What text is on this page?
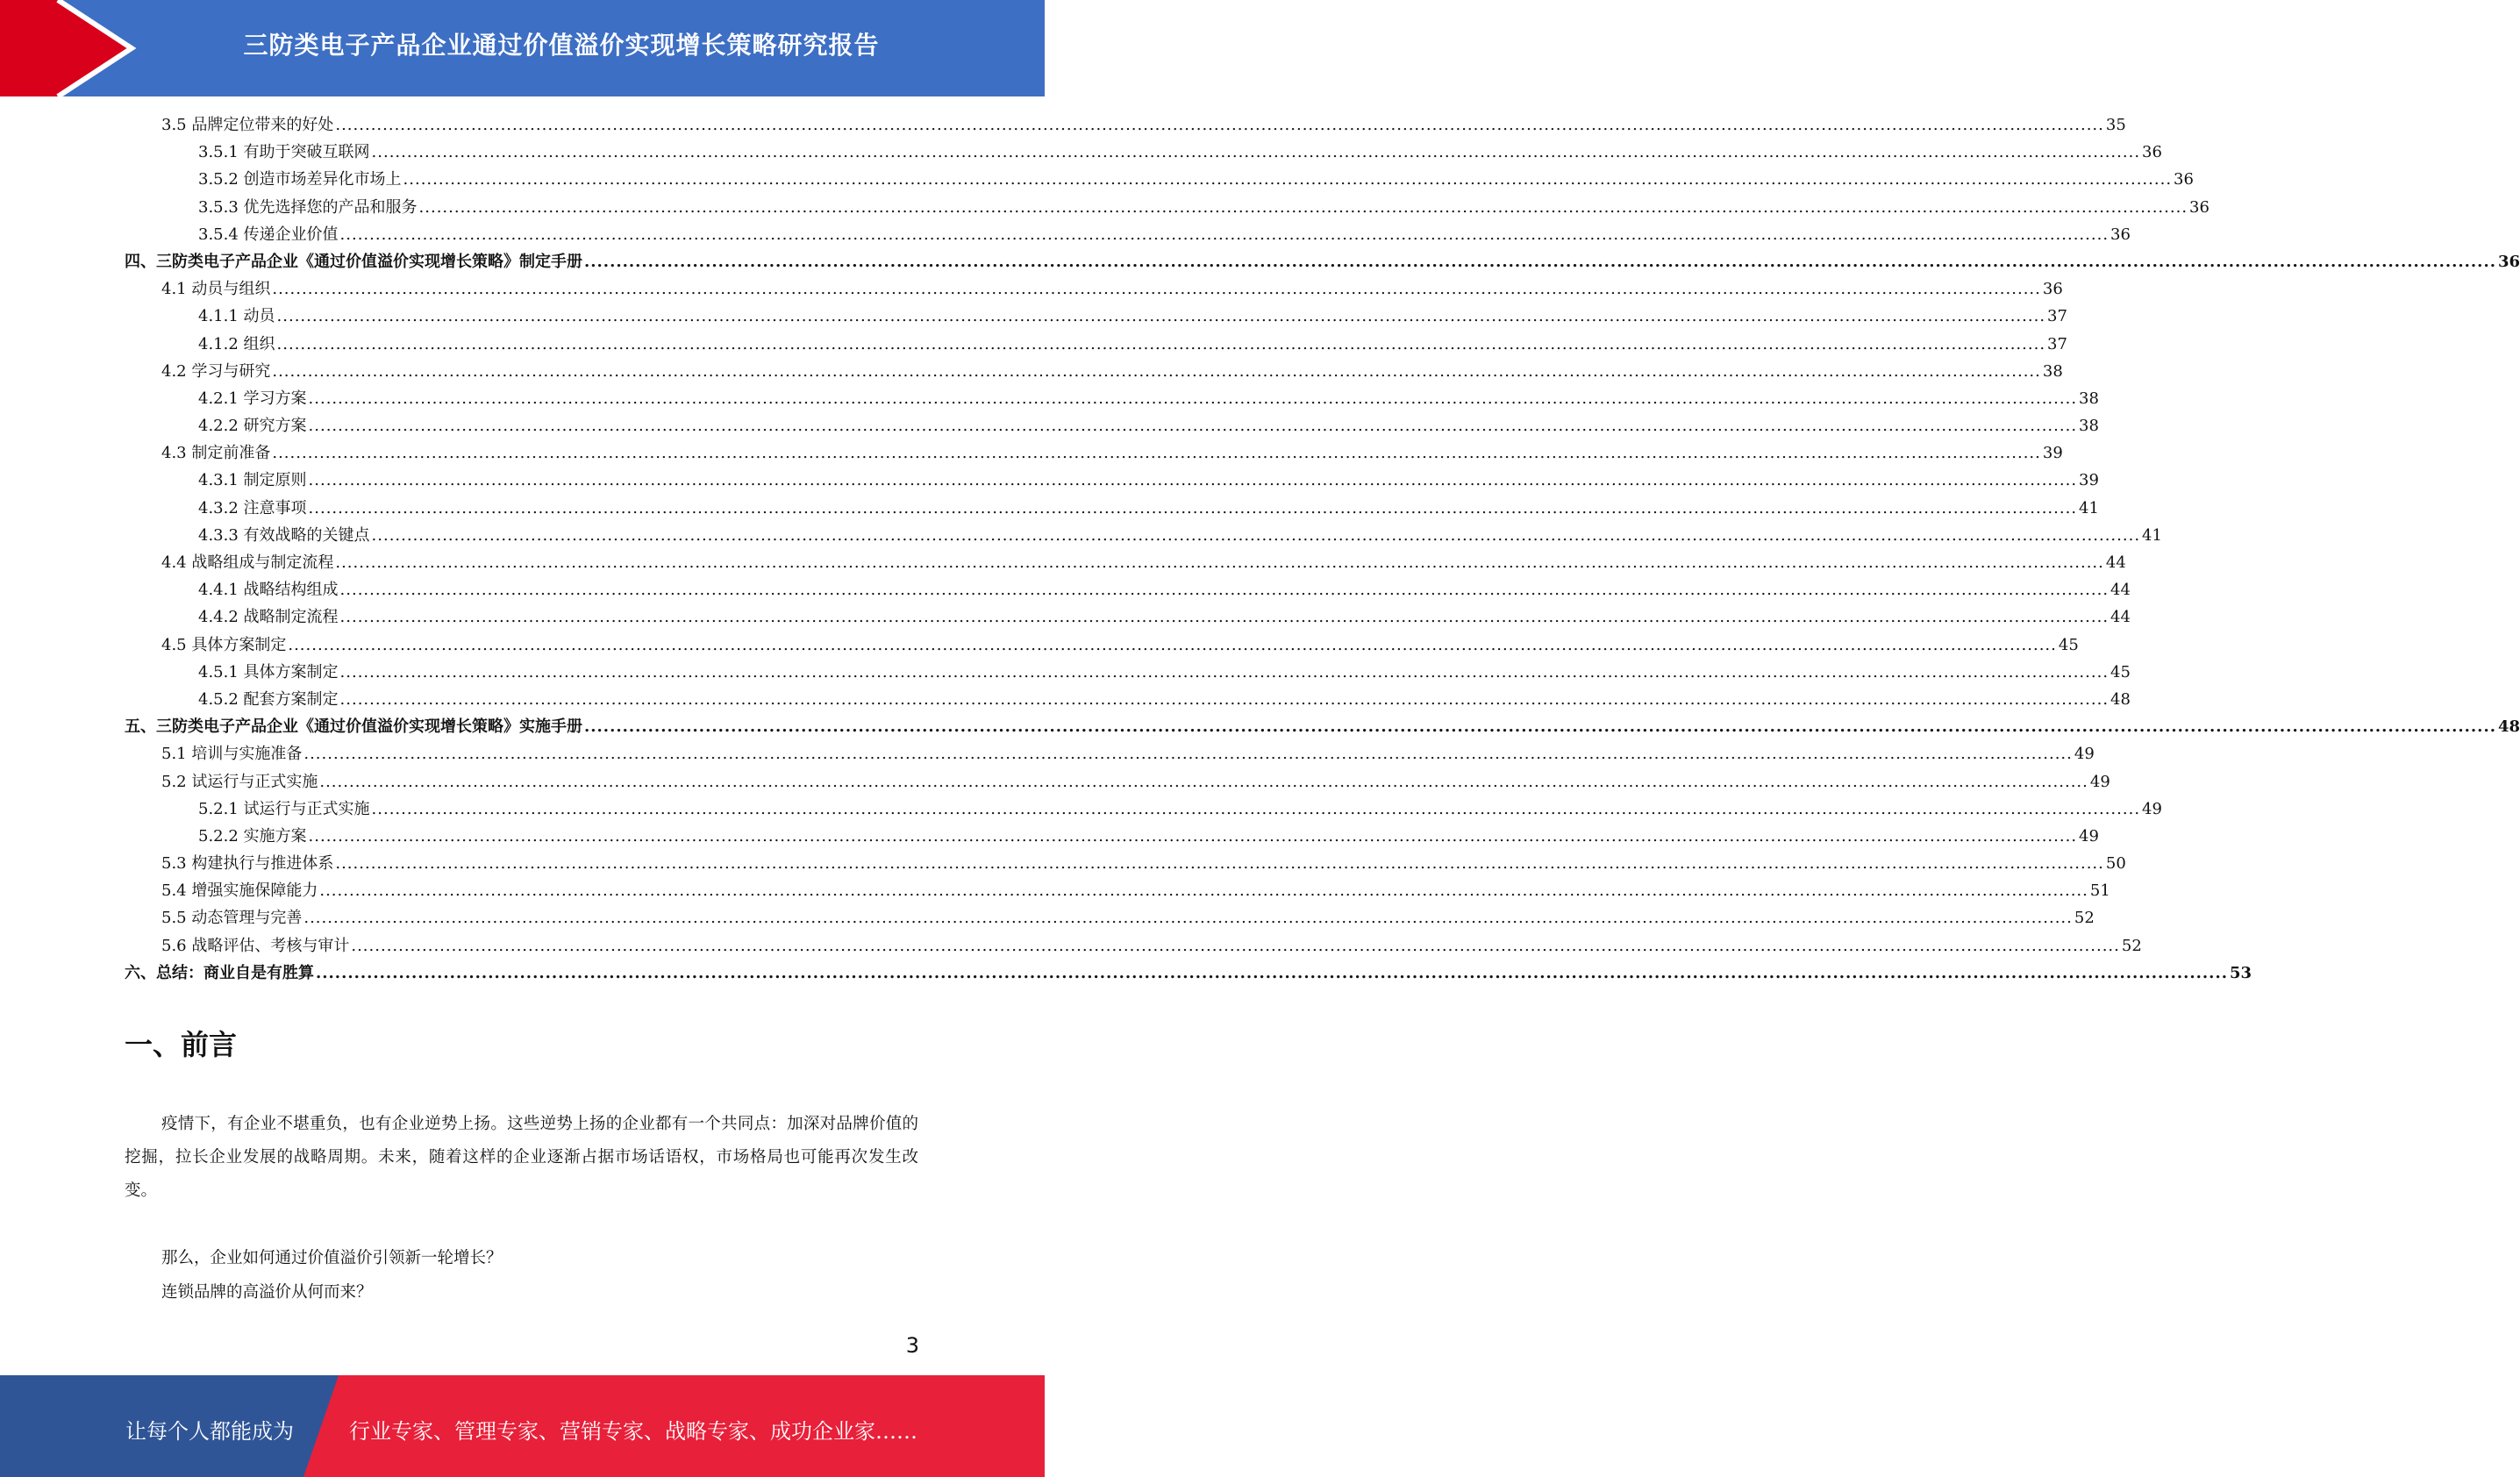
三防类电子产品企业通过价值溢价实现增长策略研究报告
3.5 品牌定位带来的好处 ............................................................................................................................................................................................................................................................................................................ 35
3.5.1 有助于突破互联网 ............................................................................................................................................................................................................................................................................................................ 36
3.5.2 创造市场差异化市场上 ............................................................................................................................................................................................................................................................................................................ 36
3.5.3 优先选择您的产品和服务 ............................................................................................................................................................................................................................................................................................................ 36
3.5.4 传递企业价值 ............................................................................................................................................................................................................................................................................................................ 36
四、三防类电子产品企业《通过价值溢价实现增长策略》制定手册 ............................................................................................................................................................................................................................................................................................................ 36
4.1 动员与组织 ............................................................................................................................................................................................................................................................................................................ 36
4.1.1 动员 ............................................................................................................................................................................................................................................................................................................ 37
4.1.2 组织 ............................................................................................................................................................................................................................................................................................................ 37
4.2 学习与研究 ............................................................................................................................................................................................................................................................................................................ 38
4.2.1 学习方案 ............................................................................................................................................................................................................................................................................................................ 38
4.2.2 研究方案 ............................................................................................................................................................................................................................................................................................................ 38
4.3 制定前准备 ............................................................................................................................................................................................................................................................................................................ 39
4.3.1 制定原则 ............................................................................................................................................................................................................................................................................................................ 39
4.3.2 注意事项 ............................................................................................................................................................................................................................................................................................................ 41
4.3.3 有效战略的关键点 ............................................................................................................................................................................................................................................................................................................ 41
4.4 战略组成与制定流程 ............................................................................................................................................................................................................................................................................................................ 44
4.4.1 战略结构组成 ............................................................................................................................................................................................................................................................................................................ 44
4.4.2 战略制定流程 ............................................................................................................................................................................................................................................................................................................ 44
4.5 具体方案制定 ............................................................................................................................................................................................................................................................................................................ 45
4.5.1 具体方案制定 ............................................................................................................................................................................................................................................................................................................ 45
4.5.2 配套方案制定 ............................................................................................................................................................................................................................................................................................................ 48
五、三防类电子产品企业《通过价值溢价实现增长策略》实施手册 ............................................................................................................................................................................................................................................................................................................ 48
5.1 培训与实施准备 ............................................................................................................................................................................................................................................................................................................ 49
5.2 试运行与正式实施 ............................................................................................................................................................................................................................................................................................................ 49
5.2.1 试运行与正式实施 ............................................................................................................................................................................................................................................................................................................ 49
5.2.2 实施方案 ............................................................................................................................................................................................................................................................................................................ 49
5.3 构建执行与推进体系 ............................................................................................................................................................................................................................................................................................................ 50
5.4 增强实施保障能力 ............................................................................................................................................................................................................................................................................................................ 51
5.5 动态管理与完善 ............................................................................................................................................................................................................................................................................................................ 52
5.6 战略评估、考核与审计 ............................................................................................................................................................................................................................................................................................................ 52
六、总结：商业自是有胜算 ............................................................................................................................................................................................................................................................................................................ 53
一、前言

疫情下，有企业不堪重负，也有企业逆势上扬。这些逆势上扬的企业都有一个共同点：加深对品牌价值的挖掘，拉长企业发展的战略周期。未来，随着这样的企业逐渐占据市场话语权，市场格局也可能再次发生改变。

那么，企业如何通过价值溢价引领新一轮增长？

连锁品牌的高溢价从何而来？

3
让每个人都能成为	行业专家、管理专家、营销专家、战略专家、成功企业家……
